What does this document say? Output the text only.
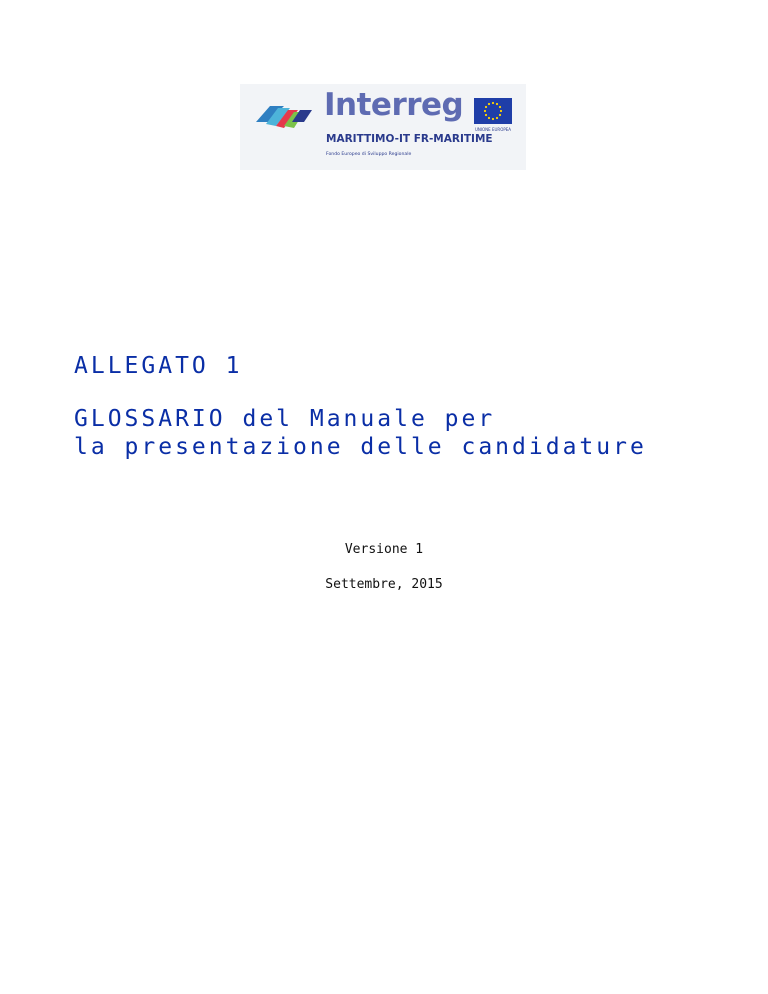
Interreg
MARITTIMO-IT FR-MARITIME
Fondo Europeo di Sviluppo Regionale
UNIONE EUROPEA
ALLEGATO 1
GLOSSARIO del Manuale per
la presentazione delle candidature
Versione 1
Settembre, 2015
